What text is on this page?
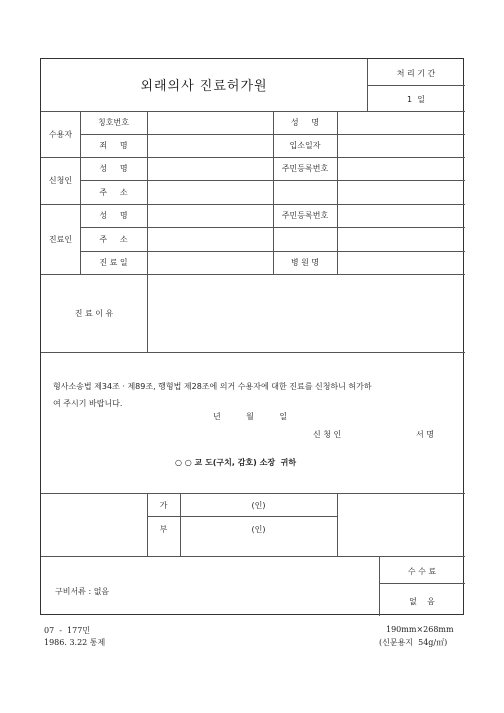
외래의사 진료허가원
처 리 기 간
1  일
수용자
칭호번호	성     명
죄     명	입소일자
신청인
성     명	주민등록번호
주     소
진료인
성     명	주민등록번호
주     소
진 료 일	병 원 명
진 료 이 유
형사소송법 제34조 · 제89조, 행형법 제28조에 의거 수용자에 대한 진료를 신청하니 허가하
여 주시기 바랍니다.
년          월          일
신 청 인	서 명
○ ○ 교 도(구치, 감호) 소장  귀하
가	(인)
부	(인)
구비서류 : 없음
수 수 료
없    음
07  -  177민
1986. 3.22 통제
190mm×268mm
(신문용지  54g/㎡)
